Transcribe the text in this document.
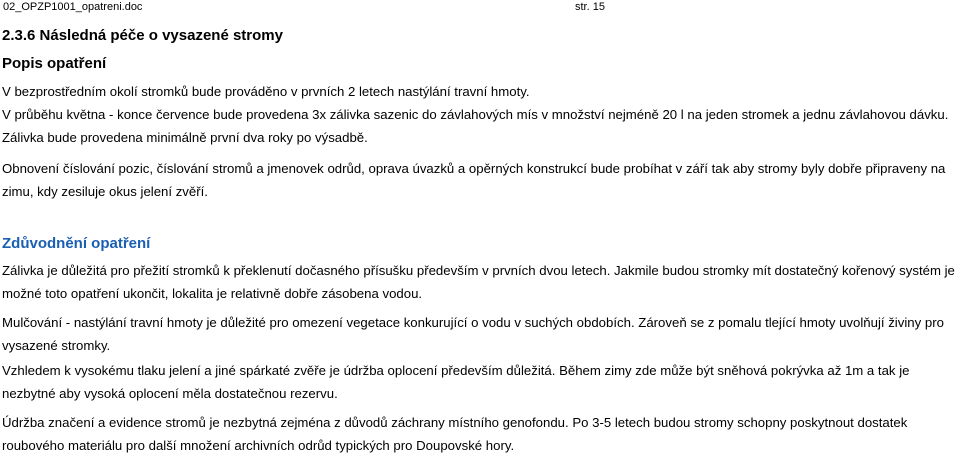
02_OPZP1001_opatreni.doc	str. 15
2.3.6 Následná péče o vysazené stromy
Popis opatření
V bezprostředním okolí stromků bude prováděno v prvních 2 letech nastýlání travní hmoty.
V průběhu května - konce července bude provedena 3x zálivka sazenic do závlahových mís v množství nejméně 20 l na jeden stromek a jednu závlahovou dávku. Zálivka bude provedena minimálně první dva roky po výsadbě.
Obnovení číslování pozic, číslování stromů a jmenovek odrůd, oprava úvazků a opěrných konstrukcí bude probíhat v září tak aby stromy byly dobře připraveny na zimu, kdy zesiluje okus jelení zvěří.
Zdůvodnění opatření
Zálivka je důležitá pro přežití stromků k překlenutí dočasného přísušku především v prvních dvou letech. Jakmile budou stromky mít dostatečný kořenový systém je možné toto opatření ukončit, lokalita je relativně dobře zásobena vodou.
Mulčování - nastýlání travní hmoty je důležité pro omezení vegetace konkurující o vodu v suchých obdobích. Zároveň se z pomalu tlející hmoty uvolňují živiny pro vysazené stromky.
Vzhledem k vysokému tlaku jelení a jiné spárkaté zvěře je údržba oplocení především důležitá. Během zimy zde může být sněhová pokrývka až 1m a tak je nezbytné aby vysoká oplocení měla dostatečnou rezervu.
Údržba značení a evidence stromů je nezbytná zejména z důvodů záchrany místního genofondu. Po 3-5 letech budou stromy schopny poskytnout dostatek roubového materiálu pro další množení archivních odrůd typických pro Doupovské hory.
